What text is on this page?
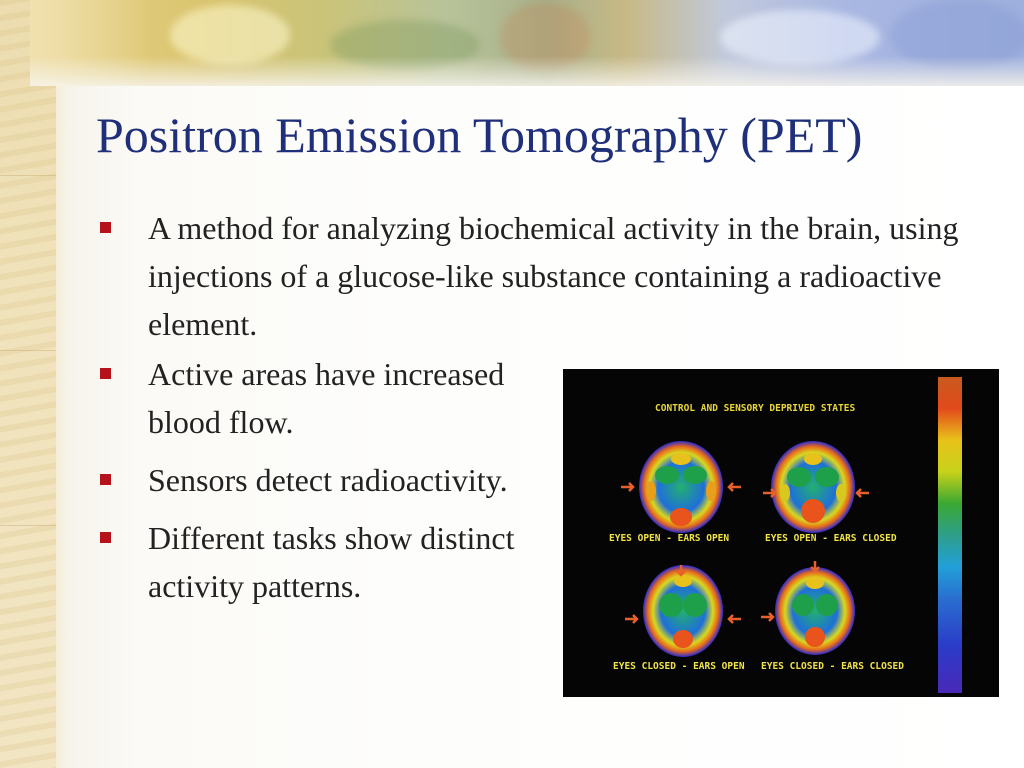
Positron Emission Tomography (PET)
A method for analyzing biochemical activity in the brain, using injections of a glucose-like substance containing a radioactive element.
Active areas have increased blood flow.
Sensors detect radioactivity.
Different tasks show distinct activity patterns.
CONTROL AND SENSORY DEPRIVED STATES
EYES OPEN - EARS OPEN	EYES OPEN - EARS CLOSED
EYES CLOSED - EARS OPEN EYES CLOSED - EARS CLOSED
